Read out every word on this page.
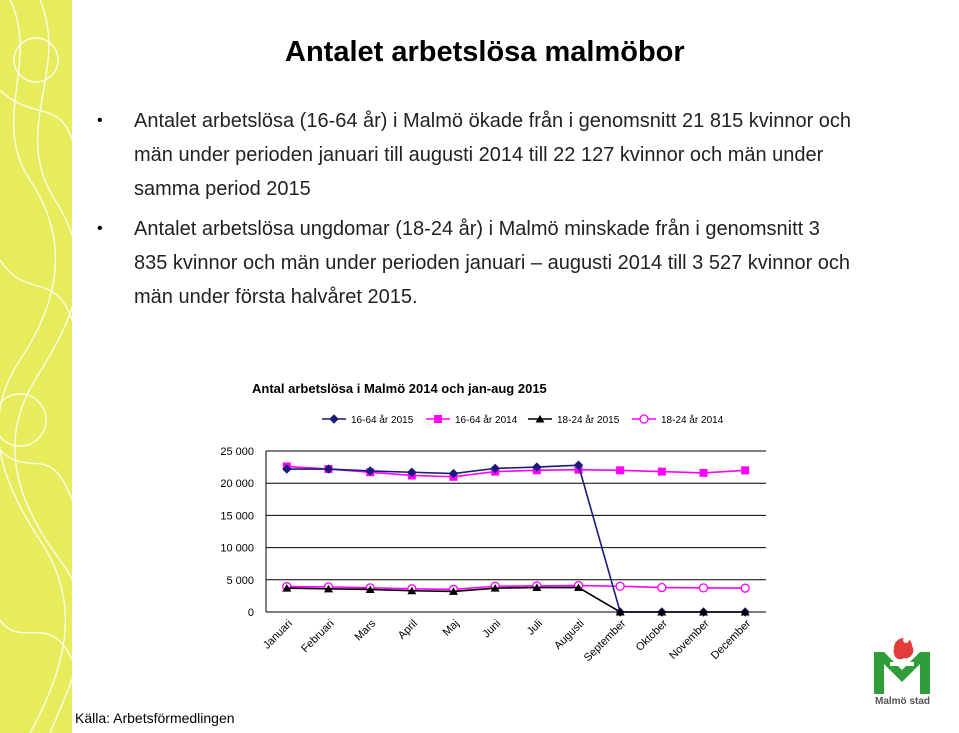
Antalet arbetslösa malmöbor
• Antalet arbetslösa (16-64 år) i Malmö ökade från i genomsnitt 21 815 kvinnor och män under perioden januari till augusti 2014 till 22 127 kvinnor och män under samma period 2015
• Antalet arbetslösa ungdomar (18-24 år) i Malmö minskade från i genomsnitt 3 835 kvinnor och män under perioden januari – augusti 2014 till 3 527 kvinnor och män under första halvåret 2015.
Antal arbetslösa i Malmö 2014 och jan-aug 2015
0
5 000
10 000
15 000
20 000
25 000
Januari Februari Mars April Maj Juni Juli Augusti
September Oktober
November
December
16-64 år 2015	16-64 år 2014	18-24 år 2015	18-24 år 2014
Källa: Arbetsförmedlingen
Malmö stad
